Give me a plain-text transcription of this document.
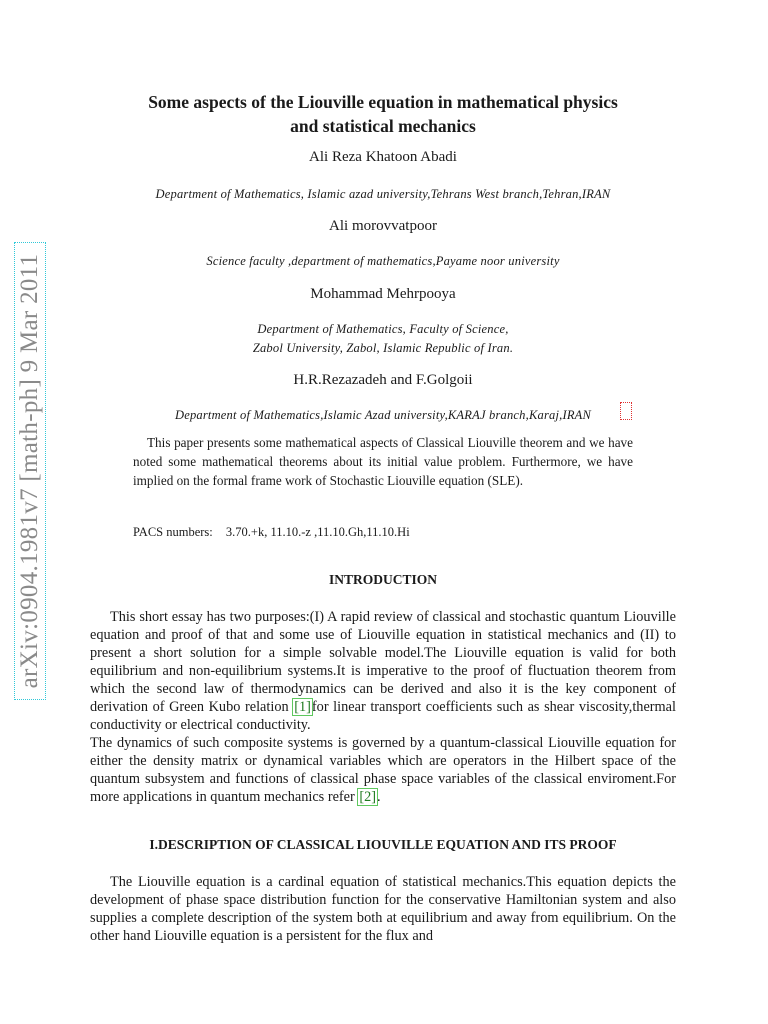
arXiv:0904.1981v7 [math-ph] 9 Mar 2011
Some aspects of the Liouville equation in mathematical physics
and statistical mechanics
Ali Reza Khatoon Abadi
Department of Mathematics, Islamic azad university,Tehrans West branch,Tehran,IRAN
Ali morovvatpoor
Science faculty ,department of mathematics,Payame noor university
Mohammad Mehrpooya
Department of Mathematics, Faculty of Science,
Zabol University, Zabol, Islamic Republic of Iran.
H.R.Rezazadeh and F.Golgoii
Department of Mathematics,Islamic Azad university,KARAJ branch,Karaj,IRAN

This paper presents some mathematical aspects of Classical Liouville theorem and we have noted some mathematical theorems about its initial value problem. Furthermore, we have implied on the formal frame work of Stochastic Liouville equation (SLE).

PACS numbers: 3.70.+k, 11.10.-z ,11.10.Gh,11.10.Hi
INTRODUCTION

This short essay has two purposes:(I) A rapid review of classical and stochastic quantum Liouville equation and proof of that and some use of Liouville equation in statistical mechanics and (II) to present a short solution for a simple solvable model.The Liouville equation is valid for both equilibrium and non-equilibrium systems.It is imperative to the proof of fluctuation theorem from which the second law of thermodynamics can be derived and also it is the key component of derivation of Green Kubo relation [1]for linear transport coefficients such as shear viscosity,thermal conductivity or electrical conductivity.

The dynamics of such composite systems is governed by a quantum-classical Liouville equation for either the density matrix or dynamical variables which are operators in the Hilbert space of the quantum subsystem and functions of classical phase space variables of the classical enviroment.For more applications in quantum mechanics refer [2].

I.DESCRIPTION OF CLASSICAL LIOUVILLE EQUATION AND ITS PROOF

The Liouville equation is a cardinal equation of statistical mechanics.This equation depicts the development of phase space distribution function for the conservative Hamiltonian system and also supplies a complete description of the system both at equilibrium and away from equilibrium. On the other hand Liouville equation is a persistent for the flux and
